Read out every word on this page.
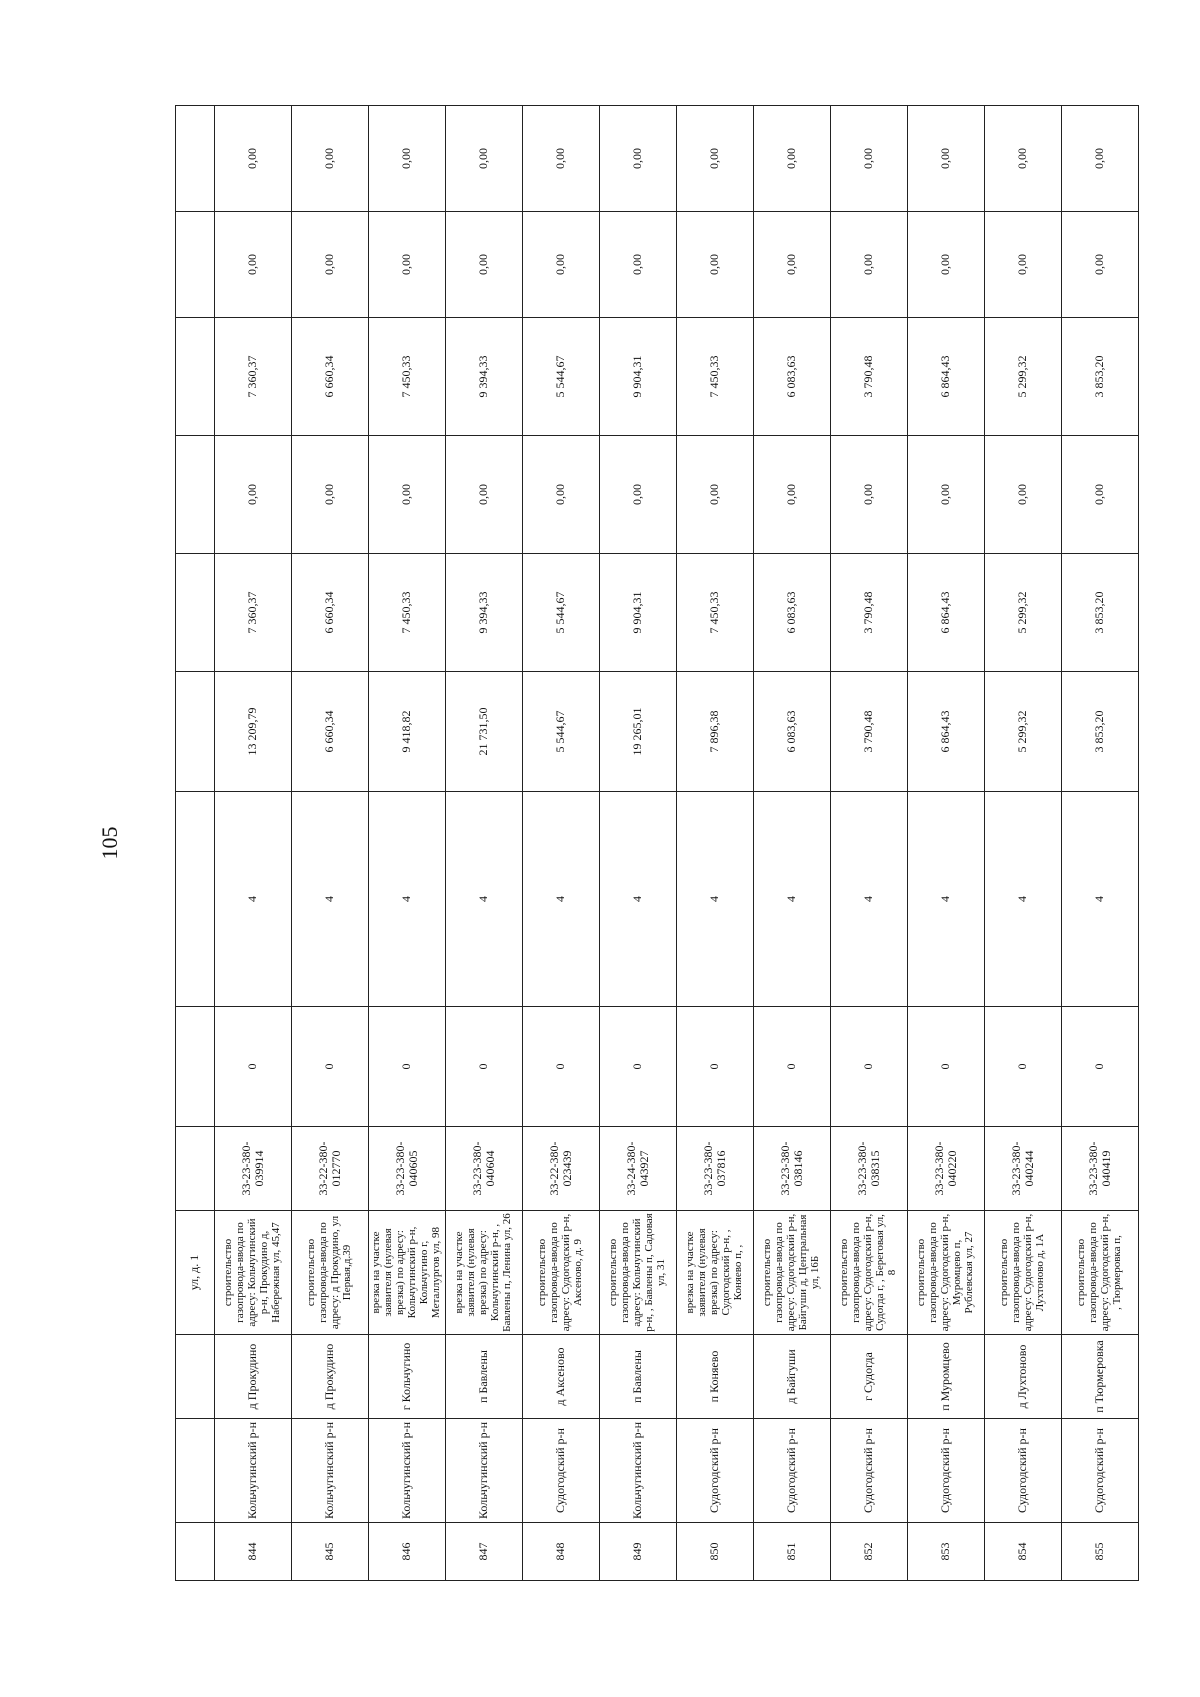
105
			ул, д. 1									
844	Кольчугинский р-н	д Прокудино	строительство газопровода-ввода по адресу: Кольчугинский р-н, Прокудино д, Набережная ул, 45,47	33-23-380-039914	0	4	13 209,79	7 360,37	0,00	7 360,37	0,00	0,00
845	Кольчугинский р-н	д Прокудино	строительство газопровода-ввода по адресу: д Прокудино, ул Первая,д.39	33-22-380-012770	0	4	6 660,34	6 660,34	0,00	6 660,34	0,00	0,00
846	Кольчугинский р-н	г Кольчугино	врезка на участке заявителя (нулевая врезка) по адресу: Кольчугинский р-н, Кольчугино г, Металлургов ул, 98	33-23-380-040605	0	4	9 418,82	7 450,33	0,00	7 450,33	0,00	0,00
847	Кольчугинский р-н	п Бавлены	врезка на участке заявителя (нулевая врезка) по адресу: Кольчугинский р-н, , Бавлены п, Ленина ул, 26	33-23-380-040604	0	4	21 731,50	9 394,33	0,00	9 394,33	0,00	0,00
848	Судогодский р-н	д Аксеново	строительство газопровода-ввода по адресу: Судогодский р-н, Аксеново, д. 9	33-22-380-023439	0	4	5 544,67	5 544,67	0,00	5 544,67	0,00	0,00
849	Кольчугинский р-н	п Бавлены	строительство газопровода-ввода по адресу: Кольчугинский р-н, , Бавлены п, Садовая ул, 31	33-24-380-043927	0	4	19 265,01	9 904,31	0,00	9 904,31	0,00	0,00
850	Судогодский р-н	п Коняево	врезка на участке заявителя (нулевая врезка) по адресу: Судогодский р-н, , Коняево п, ,	33-23-380-037816	0	4	7 896,38	7 450,33	0,00	7 450,33	0,00	0,00
851	Судогодский р-н	д Байгуши	строительство газопровода-ввода по адресу: Судогодский р-н, Байгуши д, Центральная ул, 16Б	33-23-380-038146	0	4	6 083,63	6 083,63	0,00	6 083,63	0,00	0,00
852	Судогодский р-н	г Судогда	строительство газопровода-ввода по адресу: Судогодский р-н, Судогда г, , Береговая ул, 8	33-23-380-038315	0	4	3 790,48	3 790,48	0,00	3 790,48	0,00	0,00
853	Судогодский р-н	п Муромцево	строительство газопровода-ввода по адресу: Судогодский р-н, Муромцево п, Рублевская ул, 27	33-23-380-040220	0	4	6 864,43	6 864,43	0,00	6 864,43	0,00	0,00
854	Судогодский р-н	д Лухтоново	строительство газопровода-ввода по адресу: Судогодский р-н, Лухтоново д, 1А	33-23-380-040244	0	4	5 299,32	5 299,32	0,00	5 299,32	0,00	0,00
855	Судогодский р-н	п Тюрмеровка	строительство газопровода-ввода по адресу: Судогодский р-н, , Тюрмеровка п,	33-23-380-040419	0	4	3 853,20	3 853,20	0,00	3 853,20	0,00	0,00
